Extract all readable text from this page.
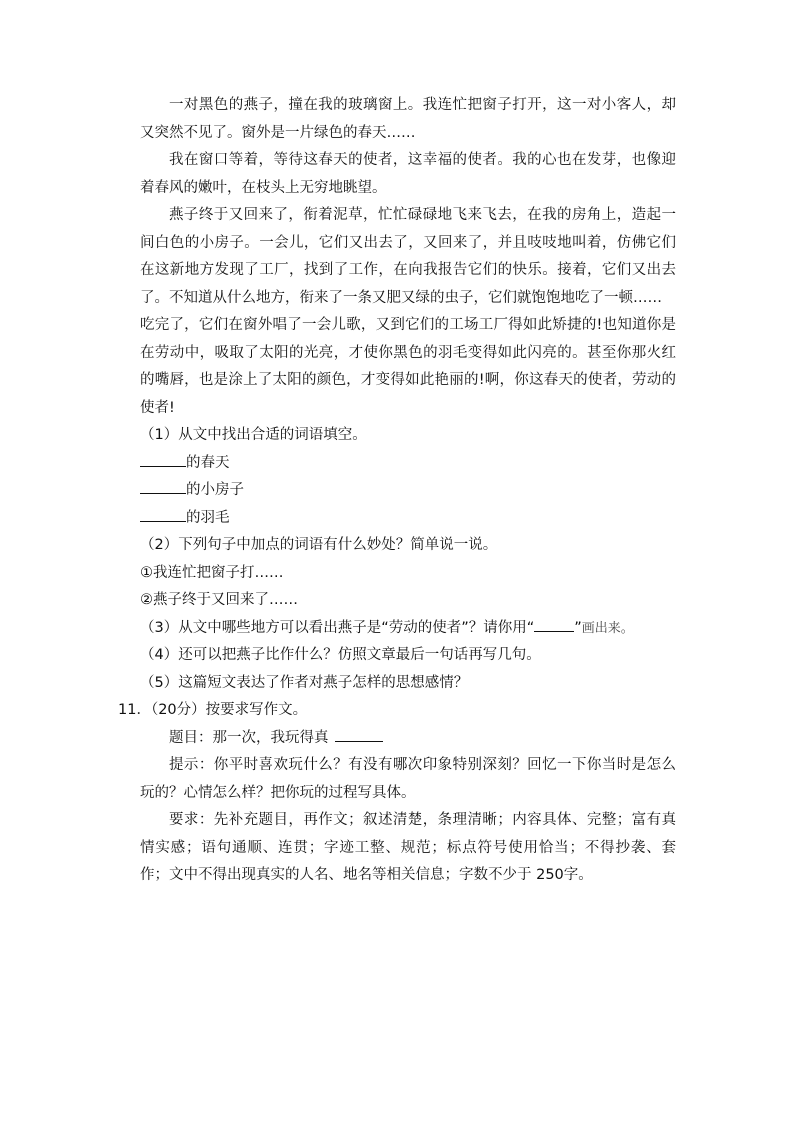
一对黑色的燕子，撞在我的玻璃窗上。我连忙把窗子打开，这一对小客人，却又突然不见了。窗外是一片绿色的春天……

我在窗口等着，等待这春天的使者，这幸福的使者。我的心也在发芽，也像迎着春风的嫩叶，在枝头上无穷地眺望。

燕子终于又回来了，衔着泥草，忙忙碌碌地飞来飞去，在我的房角上，造起一间白色的小房子。一会儿，它们又出去了，又回来了，并且吱吱地叫着，仿佛它们在这新地方发现了工厂，找到了工作，在向我报告它们的快乐。接着，它们又出去了。不知道从什么地方，衔来了一条又肥又绿的虫子，它们就饱饱地吃了一顿……

吃完了，它们在窗外唱了一会儿歌，又到它们的工场工厂得如此矫捷的!也知道你是在劳动中，吸取了太阳的光亮，才使你黑色的羽毛变得如此闪亮的。甚至你那火红的嘴唇，也是涂上了太阳的颜色，才变得如此艳丽的!啊，你这春天的使者，劳动的使者!

（1）从文中找出合适的词语填空。

的春天

的小房子

的羽毛

（2）下列句子中加点的词语有什么妙处？简单说一说。

①我连忙把窗子打……

②燕子终于又回来了……

（3）从文中哪些地方可以看出燕子是“劳动的使者”？请你用“	”画出来。

（4）还可以把燕子比作什么？仿照文章最后一句话再写几句。

（5）这篇短文表达了作者对燕子怎样的思想感情？

11．（20分）按要求写作文。

题目：那一次，我玩得真

提示：你平时喜欢玩什么？有没有哪次印象特别深刻？回忆一下你当时是怎么玩的？心情怎么样？把你玩的过程写具体。

要求：先补充题目，再作文；叙述清楚，条理清晰；内容具体、完整；富有真情实感；语句通顺、连贯；字迹工整、规范；标点符号使用恰当；不得抄袭、套作；文中不得出现真实的人名、地名等相关信息；字数不少于 250字。
